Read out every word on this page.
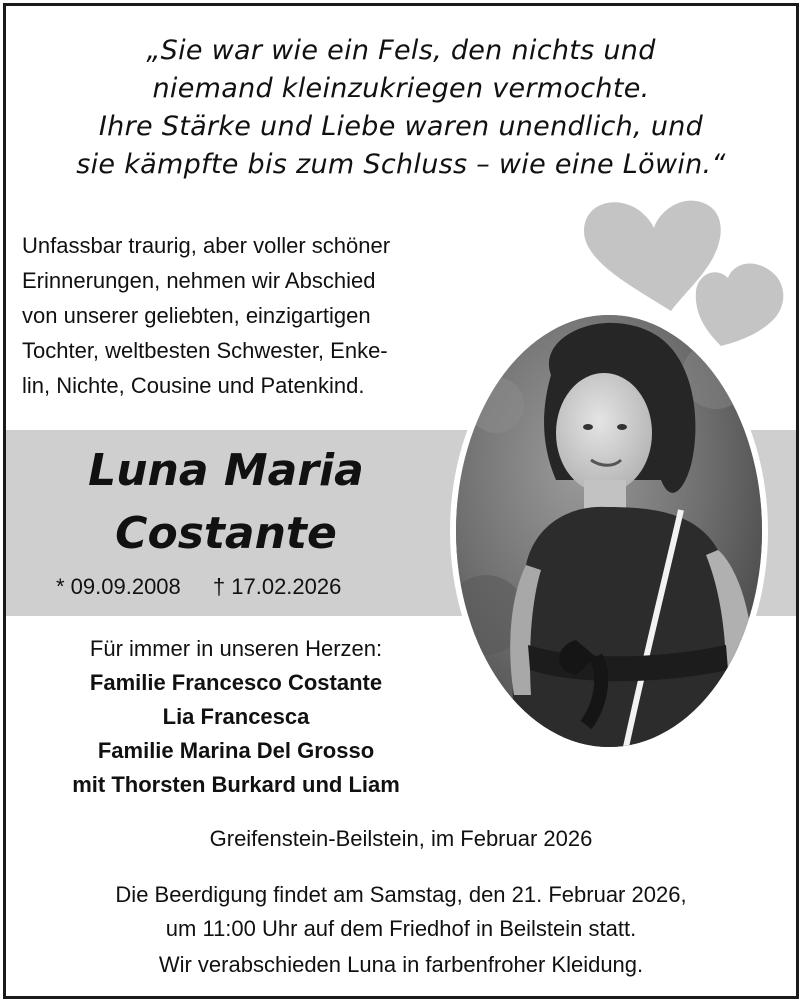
„Sie war wie ein Fels, den nichts und
niemand kleinzukriegen vermochte.
Ihre Stärke und Liebe waren unendlich, und
sie kämpfte bis zum Schluss – wie eine Löwin.“
Unfassbar traurig, aber voller schöner
Erinnerungen, nehmen wir Abschied
von unserer geliebten, einzigartigen
Tochter, weltbesten Schwester, Enke-
lin, Nichte, Cousine und Patenkind.
Luna Maria
Costante
* 09.09.2008 † 17.02.2026
Für immer in unseren Herzen:
Familie Francesco Costante
Lia Francesca
Familie Marina Del Grosso
mit Thorsten Burkard und Liam
Greifenstein-Beilstein, im Februar 2026
Die Beerdigung findet am Samstag, den 21. Februar 2026,
um 11:00 Uhr auf dem Friedhof in Beilstein statt.
Wir verabschieden Luna in farbenfroher Kleidung.
